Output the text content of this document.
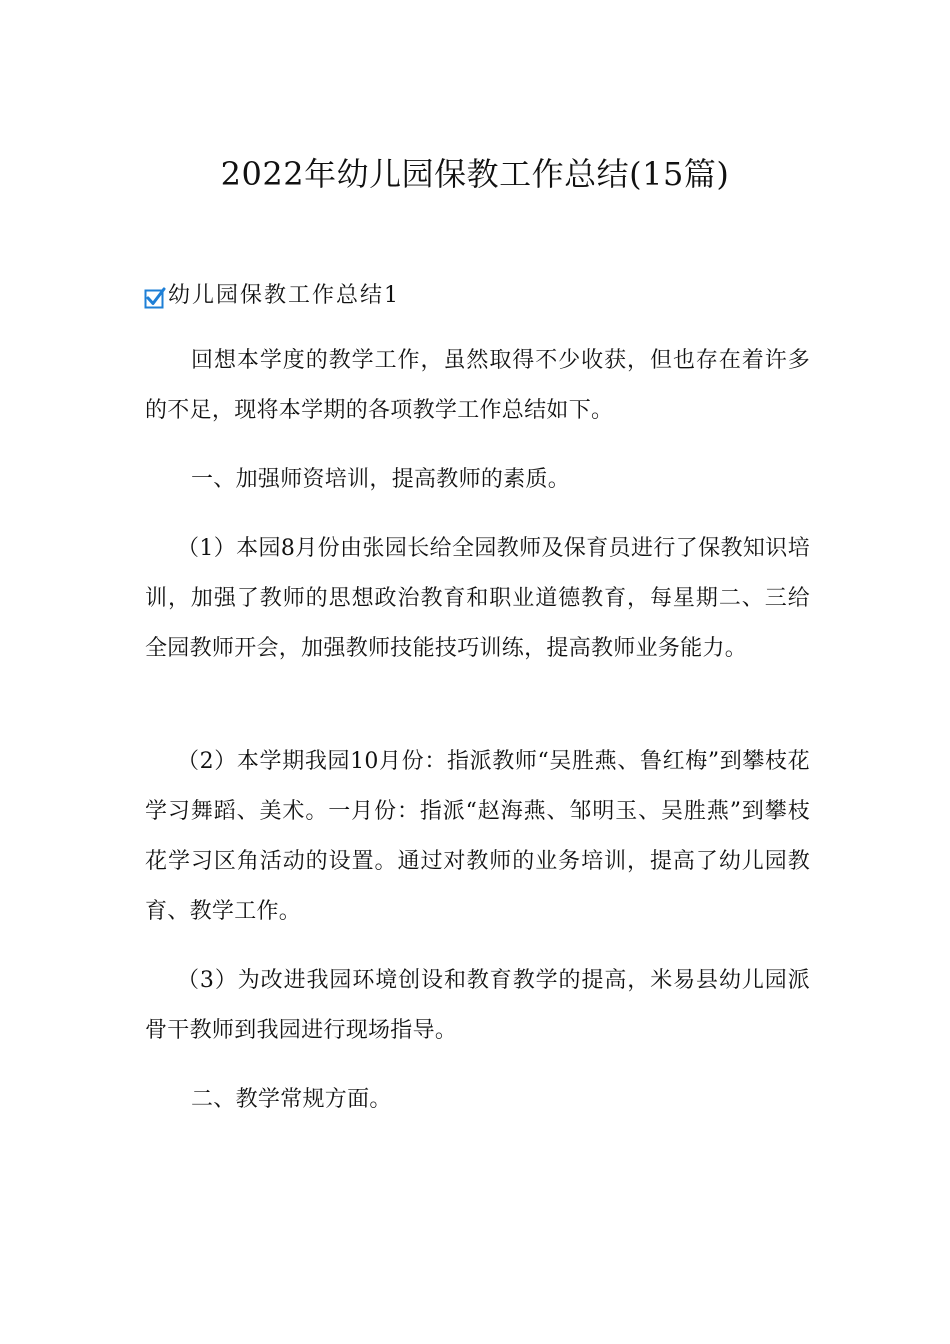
2022年幼儿园保教工作总结(15篇)
幼儿园保教工作总结1

回想本学度的教学工作，虽然取得不少收获，但也存在着许多的不足，现将本学期的各项教学工作总结如下。

一、加强师资培训，提高教师的素质。

（1）本园8月份由张园长给全园教师及保育员进行了保教知识培训，加强了教师的思想政治教育和职业道德教育，每星期二、三给全园教师开会，加强教师技能技巧训练，提高教师业务能力。

（2）本学期我园10月份：指派教师“吴胜燕、鲁红梅”到攀枝花学习舞蹈、美术。一月份：指派“赵海燕、邹明玉、吴胜燕”到攀枝花学习区角活动的设置。通过对教师的业务培训，提高了幼儿园教育、教学工作。

（3）为改进我园环境创设和教育教学的提高，米易县幼儿园派骨干教师到我园进行现场指导。

二、教学常规方面。
